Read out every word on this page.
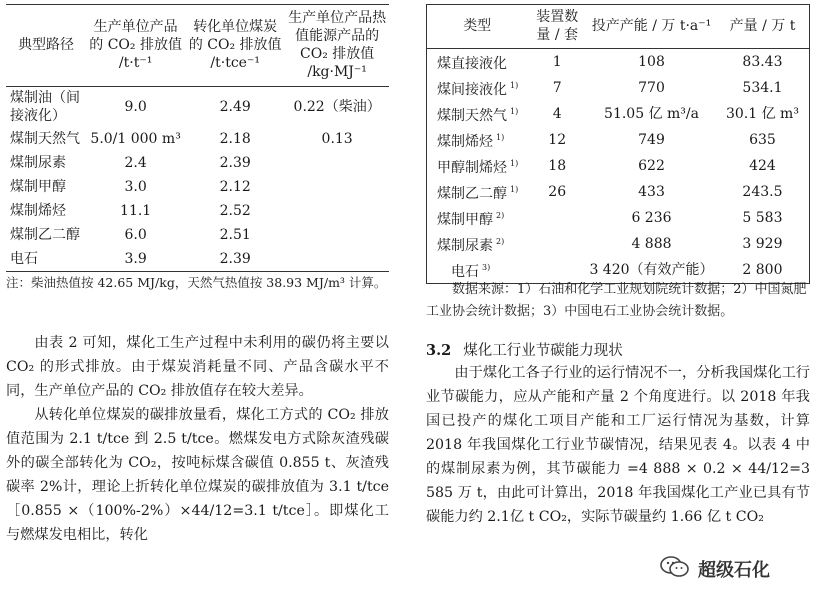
典型路径	生产单位产品的 CO₂ 排放值 /t·t⁻¹	转化单位煤炭的 CO₂ 排放值 /t·tce⁻¹	生产单位产品热值能源产品的 CO₂ 排放值 /kg·MJ⁻¹
煤制油（间接液化）	9.0	2.49	0.22（柴油）
煤制天然气	5.0/1 000 m³	2.18	0.13
煤制尿素	2.4	2.39	
煤制甲醇	3.0	2.12	
煤制烯烃	11.1	2.52	
煤制乙二醇	6.0	2.51	
电石	3.9	2.39	
注：柴油热值按 42.65 MJ/kg，天然气热值按 38.93 MJ/m³ 计算。

由表 2 可知，煤化工生产过程中未利用的碳仍将主要以 CO₂ 的形式排放。由于煤炭消耗量不同、产品含碳水平不同，生产单位产品的 CO₂ 排放值存在较大差异。

从转化单位煤炭的碳排放量看，煤化工方式的 CO₂ 排放值范围为 2.1 t/tce 到 2.5 t/tce。燃煤发电方式除灰渣残碳外的碳全部转化为 CO₂，按吨标煤含碳值 0.855 t、灰渣残碳率 2%计，理论上折转化单位煤炭的碳排放值为 3.1 t/tce ［0.855 ×（100%-2%）×44/12=3.1 t/tce］。即煤化工与燃煤发电相比，转化

类型	装置数量 / 套	投产产能 / 万 t·a⁻¹	产量 / 万 t
煤直接液化	1	108	83.43
煤间接液化 $^{1)}$	7	770	534.1
煤制天然气 $^{1)}$	4	51.05 亿 m³/a	30.1 亿 m³
煤制烯烃 $^{1)}$	12	749	635
甲醇制烯烃 $^{1)}$	18	622	424
煤制乙二醇 $^{1)}$	26	433	243.5
煤制甲醇 $^{2)}$		6 236	5 583
煤制尿素 $^{2)}$		4 888	3 929
电石 $^{3)}$		3 420（有效产能）	2 800
数据来源：1）石油和化学工业规划院统计数据；2）中国氮肥工业协会统计数据；3）中国电石工业协会统计数据。
3.2 煤化工行业节碳能力现状

由于煤化工各子行业的运行情况不一，分析我国煤化工行业节碳能力，应从产能和产量 2 个角度进行。以 2018 年我国已投产的煤化工项目产能和工厂运行情况为基数，计算 2018 年我国煤化工行业节碳情况，结果见表 4。以表 4 中的煤制尿素为例，其节碳能力 =4 888 × 0.2 × 44/12=3 585 万 t，由此可计算出，2018 年我国煤化工产业已具有节碳能力约 2.1亿 t CO₂，实际节碳量约 1.66 亿 t CO₂

超级石化
